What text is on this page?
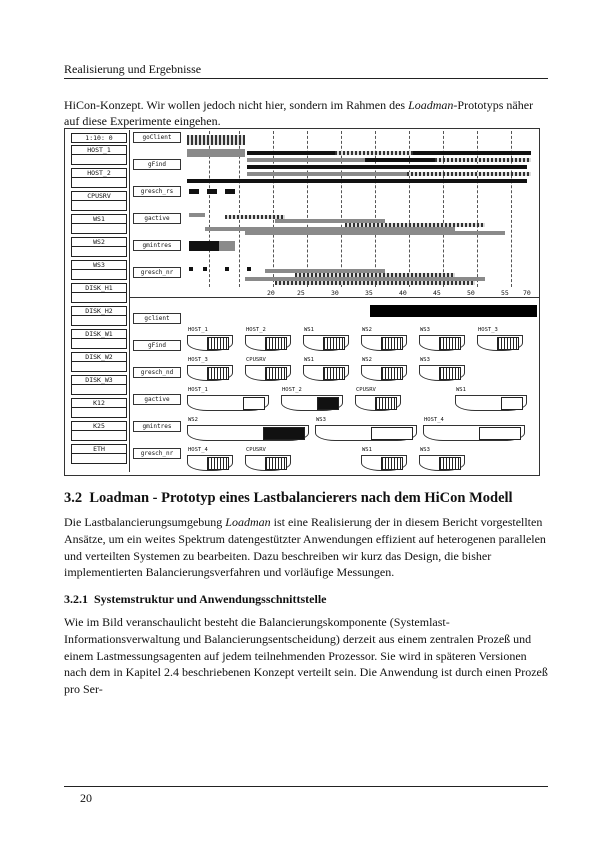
Realisierung und Ergebnisse
HiCon-Konzept. Wir wollen jedoch nicht hier, sondern im Rahmen des Loadman-Prototyps näher auf diese Experimente eingehen.
1:10: 0
HOST_1
HOST_2
CPUSRV
WS1
WS2
WS3
DISK_H1
DISK_H2
DISK_W1
DISK_W2
DISK_W3
K12
K25
ETH
goClient
gFind
gresch_rs
gactive
gmintres
gresch_nr
20	25	30	35	40	45	50	55 70
gclient
gFind
gresch_nd
gactive
gmintres
gresch_nr
HOST_1	HOST_2	WS1	WS2	WS3	HOST_3
HOST_3	CPUSRV	WS1	WS2	WS3
HOST_1	HOST_2	CPUSRV	WS1
WS2	WS3	HOST_4
HOST_4	CPUSRV	WS1	WS3
3.2 Loadman - Prototyp eines Lastbalancierers nach dem HiCon Modell
Die Lastbalancierungsumgebung Loadman ist eine Realisierung der in diesem Bericht vorgestellten Ansätze, um ein weites Spektrum datengestützter Anwendungen effizient auf heterogenen parallelen und verteilten Systemen zu bearbeiten. Dazu beschreiben wir kurz das Design, die bisher implementierten Balancierungsverfahren und vorläufige Messungen.
3.2.1 Systemstruktur und Anwendungsschnittstelle
Wie im Bild veranschaulicht besteht die Balancierungskomponente (Systemlast-Informationsverwaltung und Balancierungsentscheidung) derzeit aus einem zentralen Prozeß und einem Lastmessungsagenten auf jedem teilnehmenden Prozessor. Sie wird in späteren Versionen nach dem in Kapitel 2.4 beschriebenen Konzept verteilt sein. Die Anwendung ist durch einen Prozeß pro Ser-
20
